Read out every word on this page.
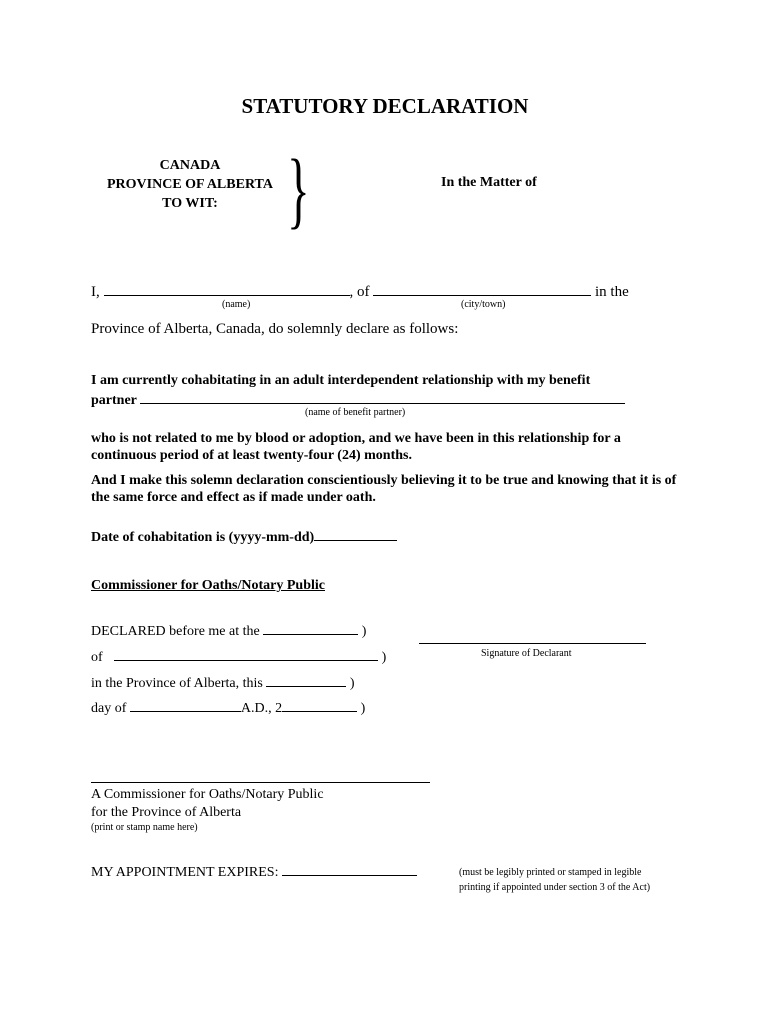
STATUTORY DECLARATION
CANADA
PROVINCE OF ALBERTA
TO WIT: }	In the Matter of
I,	, of	in the
(name)	(city/town)
Province of Alberta, Canada, do solemnly declare as follows:
I am currently cohabitating in an adult interdependent relationship with my benefit
partner
(name of benefit partner)
who is not related to me by blood or adoption, and we have been in this relationship for a continuous period of at least twenty-four (24) months.
And I make this solemn declaration conscientiously believing it to be true and knowing that it is of the same force and effect as if made under oath.
Date of cohabitation is (yyyy-mm-dd)
Commissioner for Oaths/Notary Public
DECLARED before me at the	)
of	)
in the Province of Alberta, this	)
day of	A.D., 2	)
Signature of Declarant
A Commissioner for Oaths/Notary Public
for the Province of Alberta
(print or stamp name here)
MY APPOINTMENT EXPIRES:	(must be legibly printed or stamped in legible
printing if appointed under section 3 of the Act)
